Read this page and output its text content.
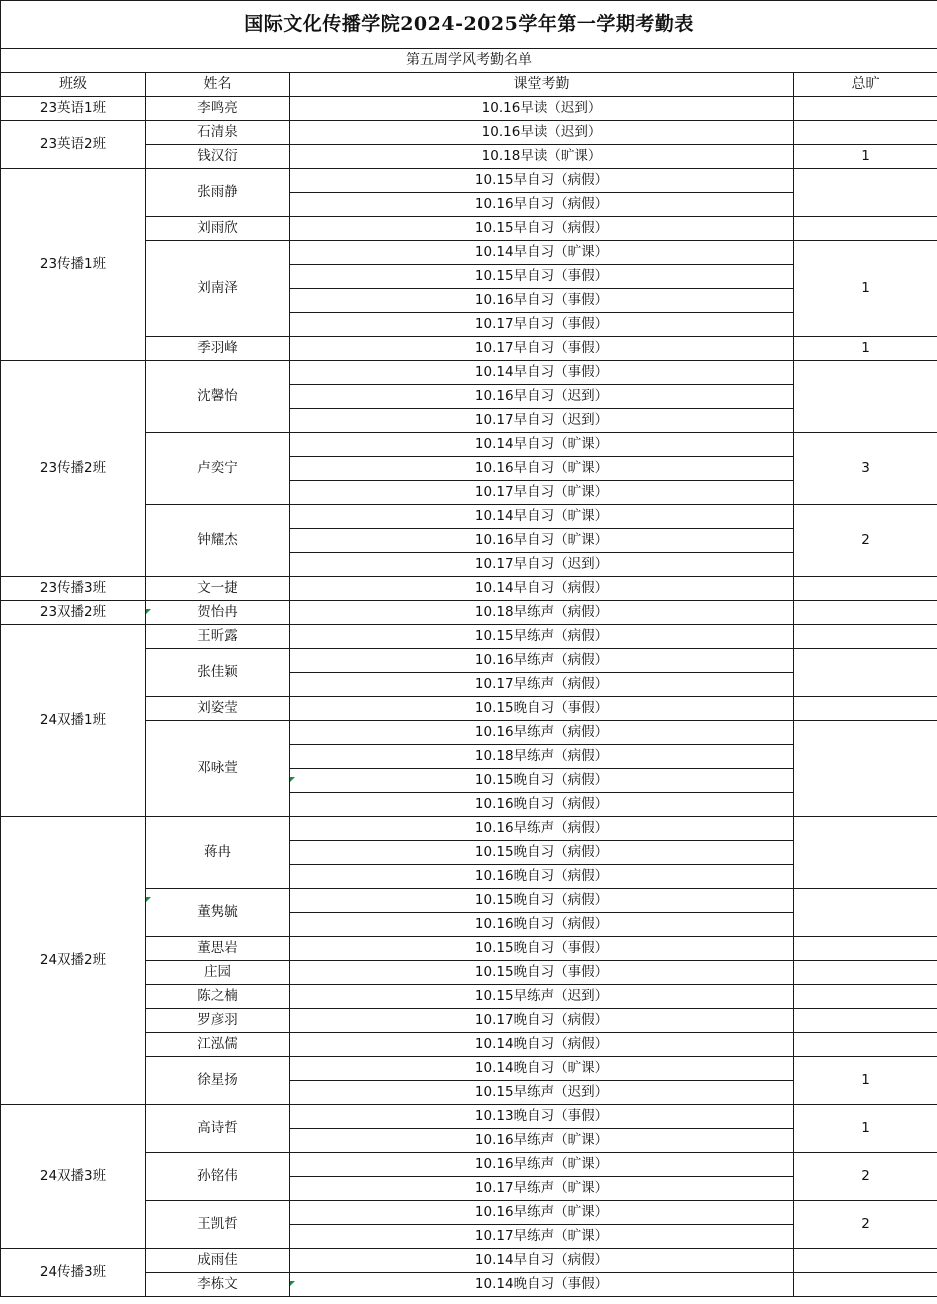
国际文化传播学院2024-2025学年第一学期考勤表			
第五周学风考勤名单			
班级	姓名	课堂考勤	总旷
23英语1班	李鸣亮	10.16早读（迟到）	
23英语2班	石清泉	10.16早读（迟到）	
	钱汉衍	10.18早读（旷课）	1
23传播1班	张雨静	10.15早自习（病假）	
		10.16早自习（病假）	
	刘雨欣	10.15早自习（病假）	
	刘南泽	10.14早自习（旷课）	1
		10.15早自习（事假）	
		10.16早自习（事假）	
		10.17早自习（事假）	
	季羽峰	10.17早自习（事假）	1
23传播2班	沈馨怡	10.14早自习（事假）	
		10.16早自习（迟到）	
		10.17早自习（迟到）	
	卢奕宁	10.14早自习（旷课）	3
		10.16早自习（旷课）	
		10.17早自习（旷课）	
	钟耀杰	10.14早自习（旷课）	2
		10.16早自习（旷课）	
		10.17早自习（迟到）	
23传播3班	文一捷	10.14早自习（病假）	
23双播2班	贺怡冉	10.18早练声（病假）	
24双播1班	王昕露	10.15早练声（病假）	
	张佳颖	10.16早练声（病假）	
		10.17早练声（病假）	
	刘姿莹	10.15晚自习（事假）	
	邓咏萱	10.16早练声（病假）	
		10.18早练声（病假）	
		10.15晚自习（病假）	
		10.16晚自习（病假）	
24双播2班	蒋冉	10.16早练声（病假）	
		10.15晚自习（病假）	
		10.16晚自习（病假）	
	董隽毓	10.15晚自习（病假）	
		10.16晚自习（病假）	
	董思岩	10.15晚自习（事假）	
	庄园	10.15晚自习（事假）	
	陈之楠	10.15早练声（迟到）	
	罗彦羽	10.17晚自习（病假）	
	江泓儒	10.14晚自习（病假）	
	徐星扬	10.14晚自习（旷课）	1
		10.15早练声（迟到）	
24双播3班	高诗哲	10.13晚自习（事假）	1
		10.16早练声（旷课）	
	孙铭伟	10.16早练声（旷课）	2
		10.17早练声（旷课）	
	王凯哲	10.16早练声（旷课）	2
		10.17早练声（旷课）	
24传播3班	成雨佳	10.14早自习（病假）	
	李栋文	10.14晚自习（事假）	
